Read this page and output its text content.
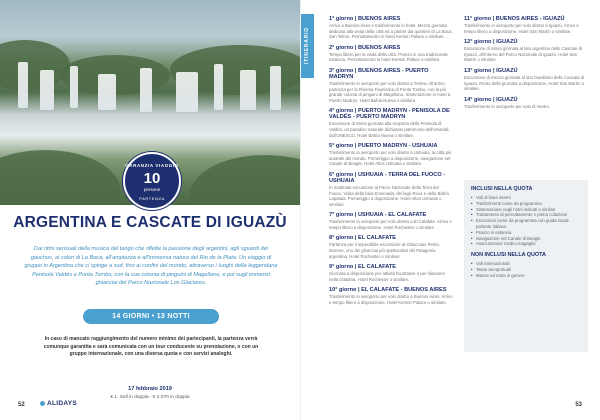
GARANZIA VIAGGIO
10
persone
PARTENZA
ARGENTINA E CASCATE DI IGUAZÙ

Dai ritmi sensuali della musica del tango che riflette la passione degli argentini, agli sguardi dei gauchos, ai colori di La Boca, all'ampiezza e all'immensa natura del Rio de la Plata. Un viaggio di gruppo in Argentina che ci spinge a sud, fino ai confini del mondo, attraverso i luoghi della leggendaria Penisola Valdés e Punta Tombo, con la sua colonia di pinguini di Magellano, e poi sugli immensi ghiacciai del Parco Nazionale Los Glaciares.

14 GIORNI • 13 NOTTI

In caso di mancato raggiungimento del numero minimo dei partecipanti, la partenza verrà comunque garantita e sarà comunicata con un tour conducente su prenotazione, o con un gruppo internazionale, con una diversa quota e con servizi analoghi.

17 febbraio 2019
€ 1. Sell in doppia - € 2.070 in doppia
52	ALIDAYS
ITINERARIO
1° giorno | BUENOS AIRES
Arrivo a Buenos Aires e trasferimento in hotel. Mezza giornata dedicata alla visita della città ed a partire dai quartieri di La Boca, San Telmo. Pernottamento in hotel Kenton Palace o similare.
2° giorno | BUENOS AIRES
Tempo libero per la visita della città. Pranzo in una tradizionale estancia. Pernottamento in hotel Kenton Palace o similare.
3° giorno | BUENOS AIRES - PUERTO MADRYN
Trasferimento in aeroporto per volo diretto a Trelew. All'arrivo partenza per la Riserva Faunistica di Punta Tombo, con la più grande colonia di pinguini di Magellano. Sistemazione in hotel a Puerto Madryn. Hotel Bahía Nueva o similare.
4° giorno | PUERTO MADRYN - PENISOLA DE VALDÉS - PUERTO MADRYN
Escursione di intera giornata alla scoperta della Penisola di Valdés, un paradiso naturale dichiarato patrimonio dell'umanità dall'UNESCO. Hotel Bahía Nueva o similare.
5° giorno | PUERTO MADRYN - USHUAIA
Trasferimento in aeroporto per volo diretto a Ushuaia, la città più australe del mondo. Pomeriggio a disposizione, navigazione nel Canale di Beagle. Hotel Altos Ushuaia o similare.
6° giorno | USHUAIA - TERRA DEL FUOCO - USHUAIA
In mattinata escursione al Parco Nazionale della Terra del Fuoco. Visita della baia Ensenada, del lago Roca e della Bahía Lapataia. Pomeriggio a disposizione. Hotel Altos Ushuaia o similare.
7° giorno | USHUAIA - EL CALAFATE
Trasferimento in aeroporto per volo diretto a El Calafate. Arrivo e tempo libero a disposizione. Hotel Rochester o similare.
8° giorno | EL CALAFATE
Partenza per il imperdibile escursione al Ghiacciaio Perito Moreno, uno dei ghiacciai più spettacolari del Patagonia argentina. Hotel Rochester o similare.
9° giorno | EL CALAFATE
Giornata a disposizione per attività facoltative o per rilassarsi nella cittadina. Hotel Rochester o similare.
10° giorno | EL CALAFATE - BUENOS AIRES
Trasferimento in aeroporto per volo diretto a Buenos Aires. Arrivo e tempo libero a disposizione. Hotel Kenton Palace o similare.
11° giorno | BUENOS AIRES - IGUAZÚ
Trasferimento in aeroporto per volo diretto a Iguazú. Arrivo e tempo libero a disposizione. Hotel San Martín o similare.
12° giorno | IGUAZÚ
Escursione di intera giornata al lato argentino delle Cascate di Iguazú, all'interno del Parco Nazionale di Iguazú. Hotel San Martín o similare.
13° giorno | IGUAZÚ
Escursione di mezza giornata al lato brasiliano delle Cascate di Iguazú. Resto della giornata a disposizione. Hotel San Martín o similare.
14° giorno | IGUAZÚ
Trasferimento in aeroporto per volo di rientro.
INCLUSI NELLA QUOTA
• Voli di linea interni
• Trasferimenti come da programma
• Sistemazione negli hotel indicati o similari
• Trattamento di pernottamento e prima colazione
• Escursioni come da programma con guida locale parlante italiano
• Pranzo in estancia
• Navigazione nel Canale di Beagle
• Assicurazione medico-bagaglio
NON INCLUSI NELLA QUOTA
• Voli internazionali
• Tasse aeroportuali
• Mance ed extra in genere
53
